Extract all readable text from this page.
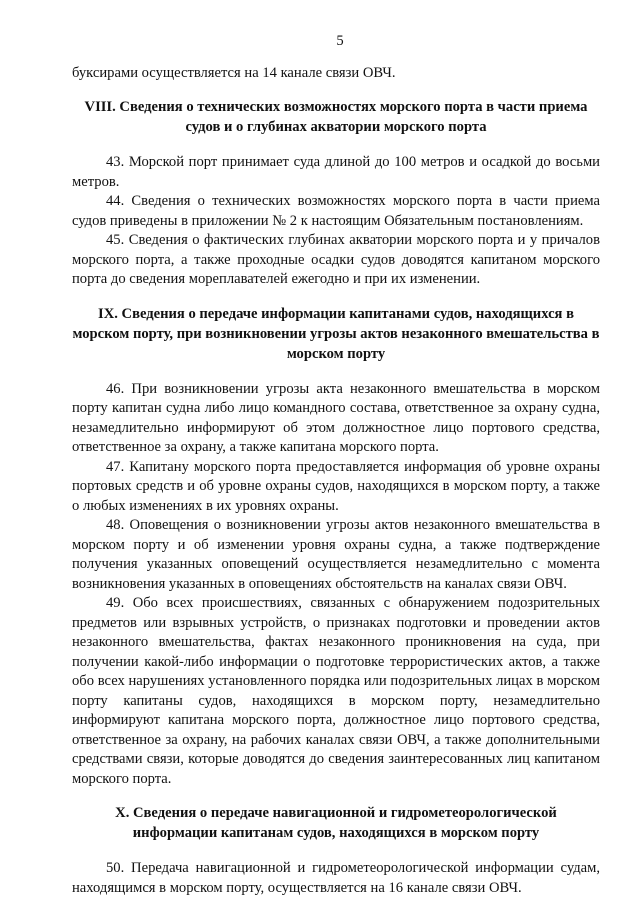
5

буксирами осуществляется на 14 канале связи ОВЧ.

VIII. Сведения о технических возможностях морского порта в части приема судов и о глубинах акватории морского порта

43. Морской порт принимает суда длиной до 100 метров и осадкой до восьми метров.

44. Сведения о технических возможностях морского порта в части приема судов приведены в приложении № 2 к настоящим Обязательным постановлениям.

45. Сведения о фактических глубинах акватории морского порта и у причалов морского порта, а также проходные осадки судов доводятся капитаном морского порта до сведения мореплавателей ежегодно и при их изменении.

IX. Сведения о передаче информации капитанами судов, находящихся в морском порту, при возникновении угрозы актов незаконного вмешательства в морском порту

46. При возникновении угрозы акта незаконного вмешательства в морском порту капитан судна либо лицо командного состава, ответственное за охрану судна, незамедлительно информируют об этом должностное лицо портового средства, ответственное за охрану, а также капитана морского порта.

47. Капитану морского порта предоставляется информация об уровне охраны портовых средств и об уровне охраны судов, находящихся в морском порту, а также о любых изменениях в их уровнях охраны.

48. Оповещения о возникновении угрозы актов незаконного вмешательства в морском порту и об изменении уровня охраны судна, а также подтверждение получения указанных оповещений осуществляется незамедлительно с момента возникновения указанных в оповещениях обстоятельств на каналах связи ОВЧ.

49. Обо всех происшествиях, связанных с обнаружением подозрительных предметов или взрывных устройств, о признаках подготовки и проведении актов незаконного вмешательства, фактах незаконного проникновения на суда, при получении какой-либо информации о подготовке террористических актов, а также обо всех нарушениях установленного порядка или подозрительных лицах в морском порту капитаны судов, находящихся в морском порту, незамедлительно информируют капитана морского порта, должностное лицо портового средства, ответственное за охрану, на рабочих каналах связи ОВЧ, а также дополнительными средствами связи, которые доводятся до сведения заинтересованных лиц капитаном морского порта.

X. Сведения о передаче навигационной и гидрометеорологической информации капитанам судов, находящихся в морском порту

50. Передача навигационной и гидрометеорологической информации судам, находящимся в морском порту, осуществляется на 16 канале связи ОВЧ.
